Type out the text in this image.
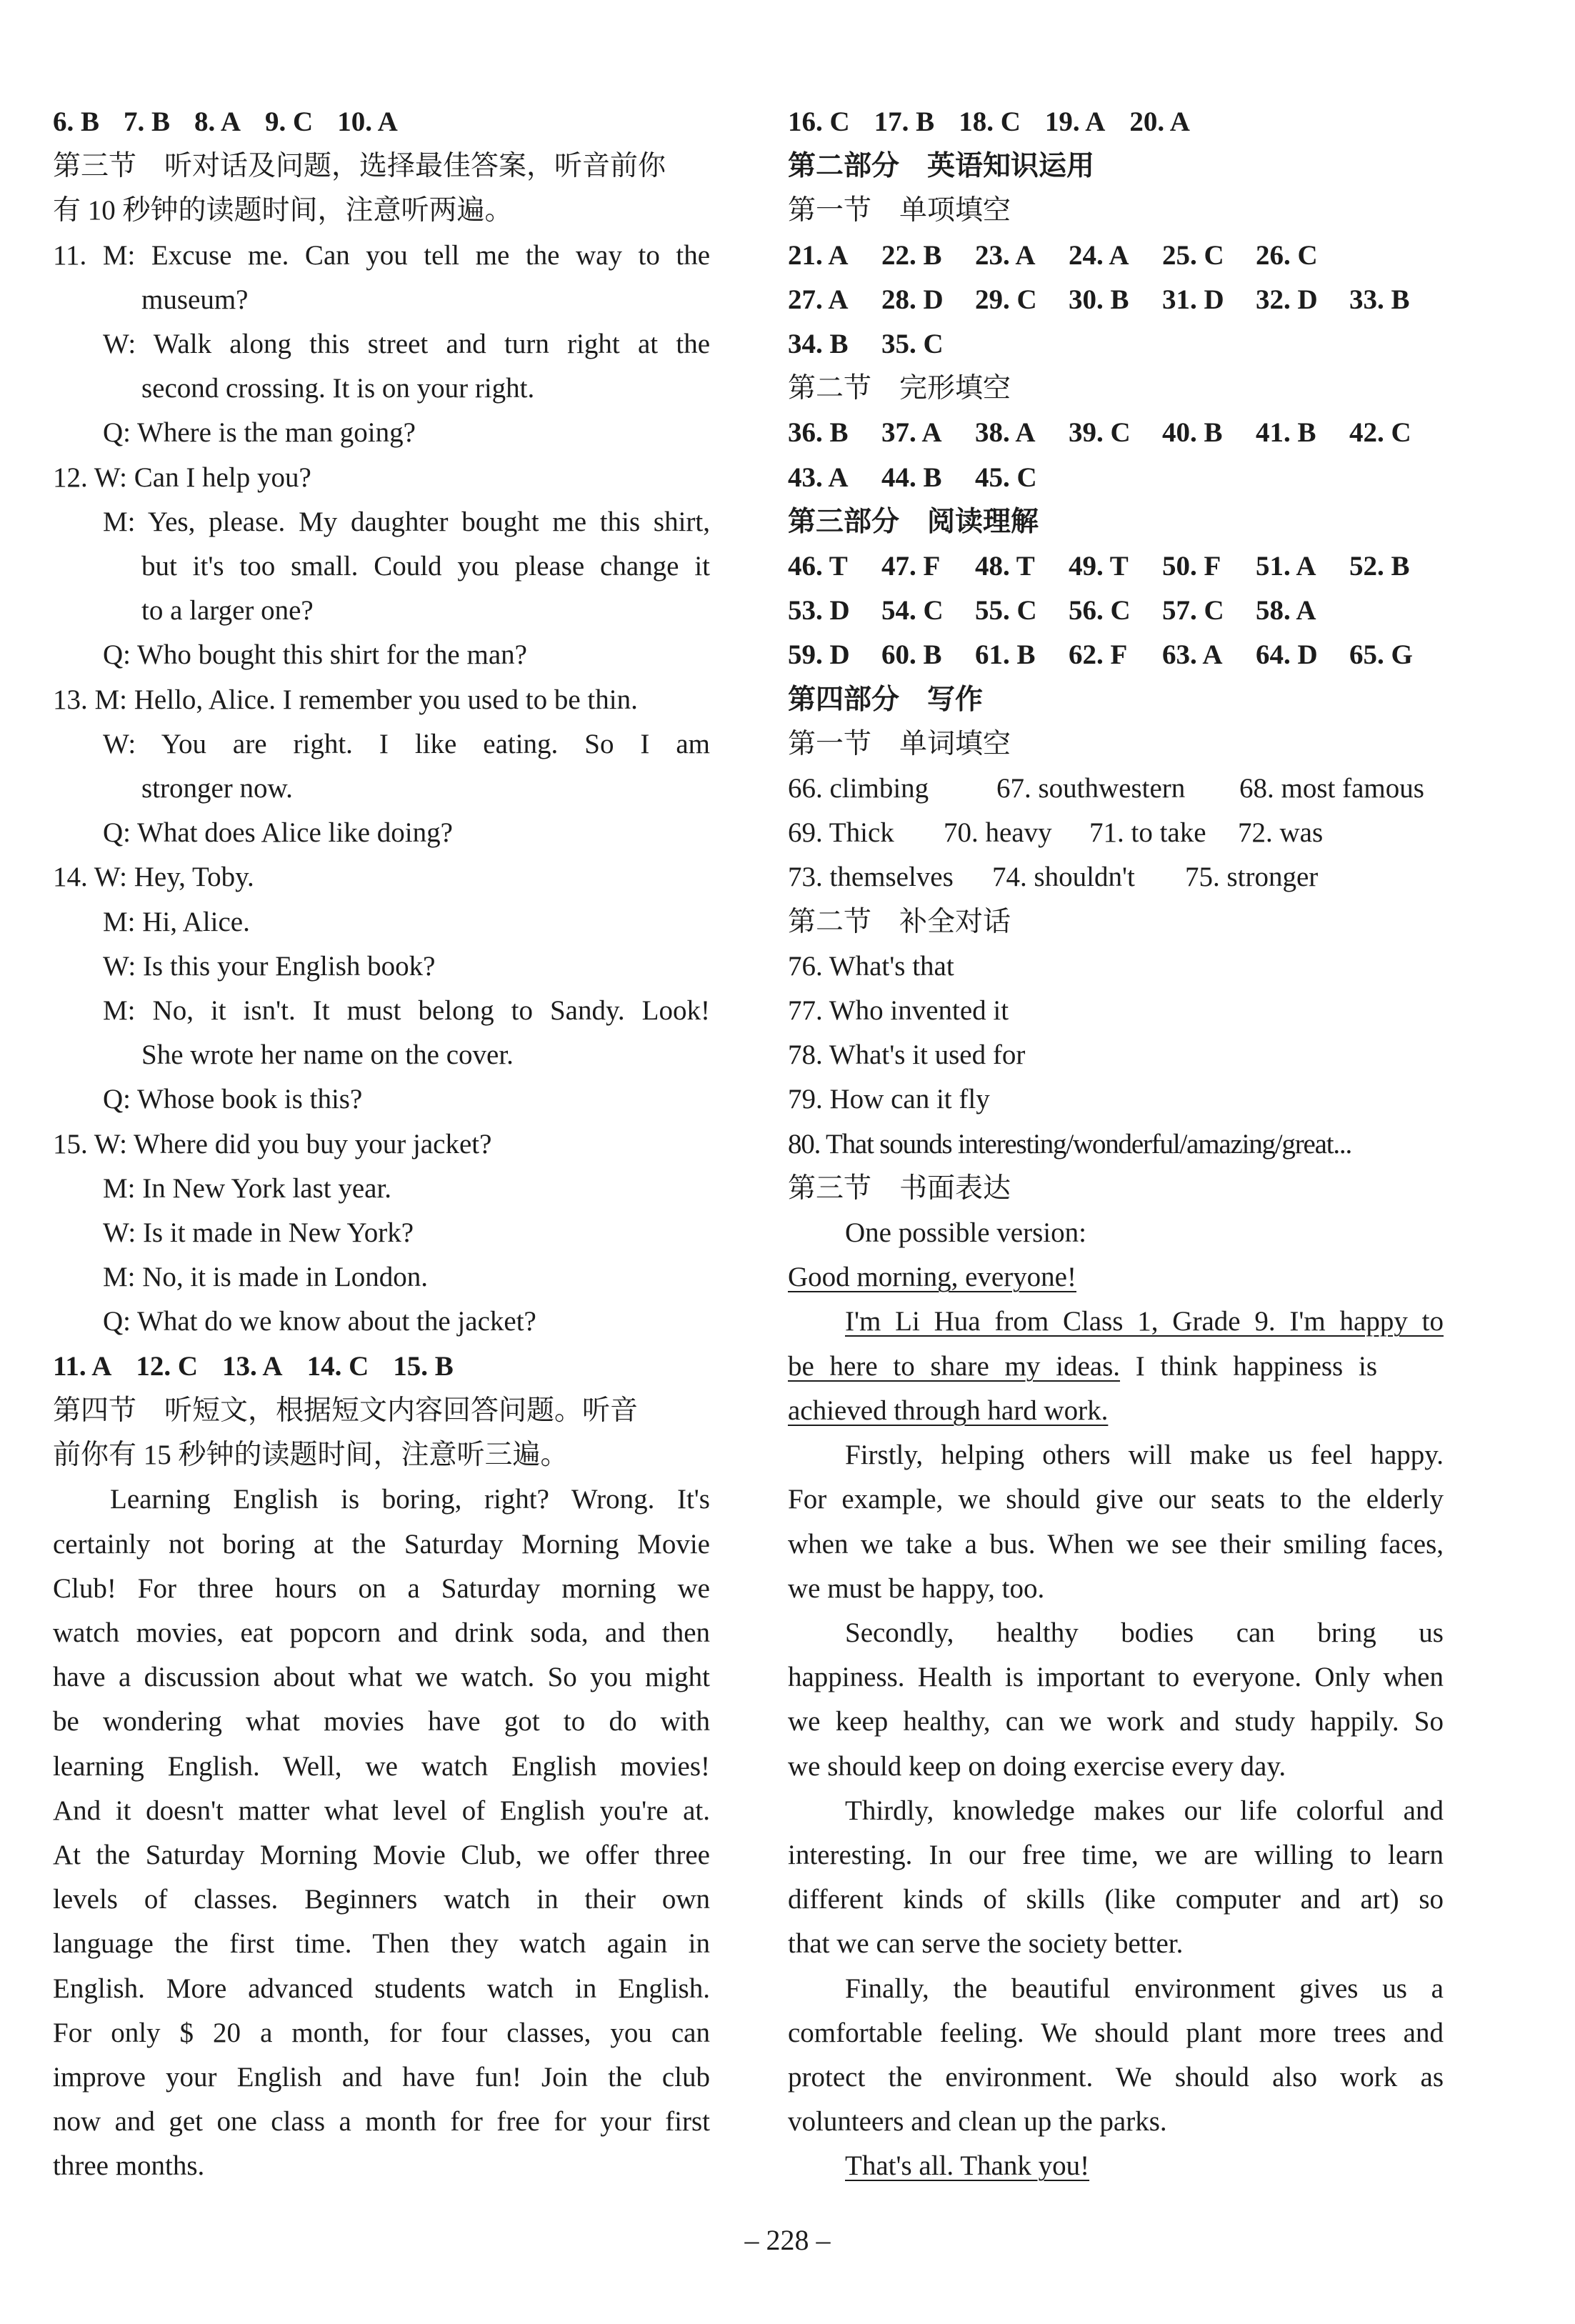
6. B 7. B 8. A 9. C 10. A
第三节　听对话及问题，选择最佳答案，听音前你
有 10 秒钟的读题时间，注意听两遍。
11. M: Excuse me. Can you tell me the way to the
museum?
W: Walk along this street and turn right at the
second crossing. It is on your right.
Q: Where is the man going?
12. W: Can I help you?
M: Yes, please. My daughter bought me this shirt,
but it's too small. Could you please change it
to a larger one?
Q: Who bought this shirt for the man?
13. M: Hello, Alice. I remember you used to be thin.
W: You are right. I like eating. So I am
stronger now.
Q: What does Alice like doing?
14. W: Hey, Toby.
M: Hi, Alice.
W: Is this your English book?
M: No, it isn't. It must belong to Sandy. Look!
She wrote her name on the cover.
Q: Whose book is this?
15. W: Where did you buy your jacket?
M: In New York last year.
W: Is it made in New York?
M: No, it is made in London.
Q: What do we know about the jacket?
11. A 12. C 13. A 14. C 15. B
第四节　听短文，根据短文内容回答问题。听音
前你有 15 秒钟的读题时间，注意听三遍。
Learning English is boring, right? Wrong. It's
certainly not boring at the Saturday Morning Movie
Club! For three hours on a Saturday morning we
watch movies, eat popcorn and drink soda, and then
have a discussion about what we watch. So you might
be wondering what movies have got to do with
learning English. Well, we watch English movies!
And it doesn't matter what level of English you're at.
At the Saturday Morning Movie Club, we offer three
levels of classes. Beginners watch in their own
language the first time. Then they watch again in
English. More advanced students watch in English.
For only $ 20 a month, for four classes, you can
improve your English and have fun! Join the club
now and get one class a month for free for your first
three months.
16. C 17. B 18. C 19. A 20. A
第二部分　英语知识运用
第一节　单项填空
21. A	22. B	23. A	24. A	25. C	26. C
27. A	28. D	29. C	30. B	31. D	32. D	33. B
34. B	35. C
第二节　完形填空
36. B	37. A	38. A	39. C	40. B	41. B	42. C
43. A	44. B	45. C
第三部分　阅读理解
46. T	47. F	48. T	49. T	50. F	51. A	52. B
53. D	54. C	55. C	56. C	57. C	58. A
59. D	60. B	61. B	62. F	63. A	64. D	65. G
第四部分　写作
第一节　单词填空
66. climbing 67. southwestern 68. most famous
69. Thick 70. heavy 71. to take 72. was
73. themselves 74. shouldn't 75. stronger
第二节　补全对话
76. What's that
77. Who invented it
78. What's it used for
79. How can it fly
80. That sounds interesting/wonderful/amazing/great...
第三节　书面表达
One possible version:
Good morning, everyone!
I'm Li Hua from Class 1, Grade 9. I'm happy to
be here to share my ideas. I think happiness is
achieved through hard work.
Firstly, helping others will make us feel happy.
For example, we should give our seats to the elderly
when we take a bus. When we see their smiling faces,
we must be happy, too.
Secondly, healthy bodies can bring us
happiness. Health is important to everyone. Only when
we keep healthy, can we work and study happily. So
we should keep on doing exercise every day.
Thirdly, knowledge makes our life colorful and
interesting. In our free time, we are willing to learn
different kinds of skills (like computer and art) so
that we can serve the society better.
Finally, the beautiful environment gives us a
comfortable feeling. We should plant more trees and
protect the environment. We should also work as
volunteers and clean up the parks.
That's all. Thank you!
– 228 –
